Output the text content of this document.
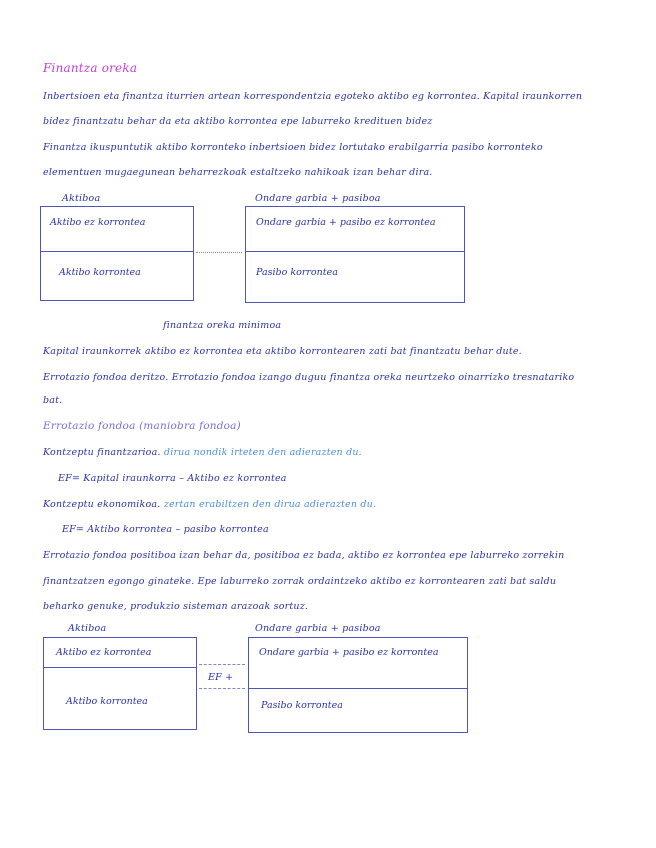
Finantza oreka
Inbertsioen eta finantza iturrien artean korrespondentzia egoteko aktibo eg korrontea. Kapital iraunkorren
bidez finantzatu behar da eta aktibo korrontea epe laburreko kredituen bidez
Finantza ikuspuntutik aktibo korronteko inbertsioen bidez lortutako erabilgarria pasibo korronteko
elementuen mugaegunean beharrezkoak estaltzeko nahikoak izan behar dira.
Aktiboa	Ondare garbia + pasiboa
Aktibo ez korrontea
Aktibo korrontea
Ondare garbia + pasibo ez korrontea
Pasibo korrontea
finantza oreka minimoa
Kapital iraunkorrek aktibo ez korrontea eta aktibo korrontearen zati bat finantzatu behar dute.
Errotazio fondoa deritzo. Errotazio fondoa izango duguu finantza oreka neurtzeko oinarrizko tresnatariko
bat.
Errotazio fondoa (maniobra fondoa)
Kontzeptu finantzarioa. dirua nondik irteten den adierazten du.
EF= Kapital iraunkorra – Aktibo ez korrontea
Kontzeptu ekonomikoa. zertan erabiltzen den dirua adierazten du.
EF= Aktibo korrontea – pasibo korrontea
Errotazio fondoa positiboa izan behar da, positiboa ez bada, aktibo ez korrontea epe laburreko zorrekin
finantzatzen egongo ginateke. Epe laburreko zorrak ordaintzeko aktibo ez korrontearen zati bat saldu
beharko genuke, produkzio sisteman arazoak sortuz.
Aktiboa	Ondare garbia + pasiboa
Aktibo ez korrontea
Aktibo korrontea
EF +
Ondare garbia + pasibo ez korrontea
Pasibo korrontea
